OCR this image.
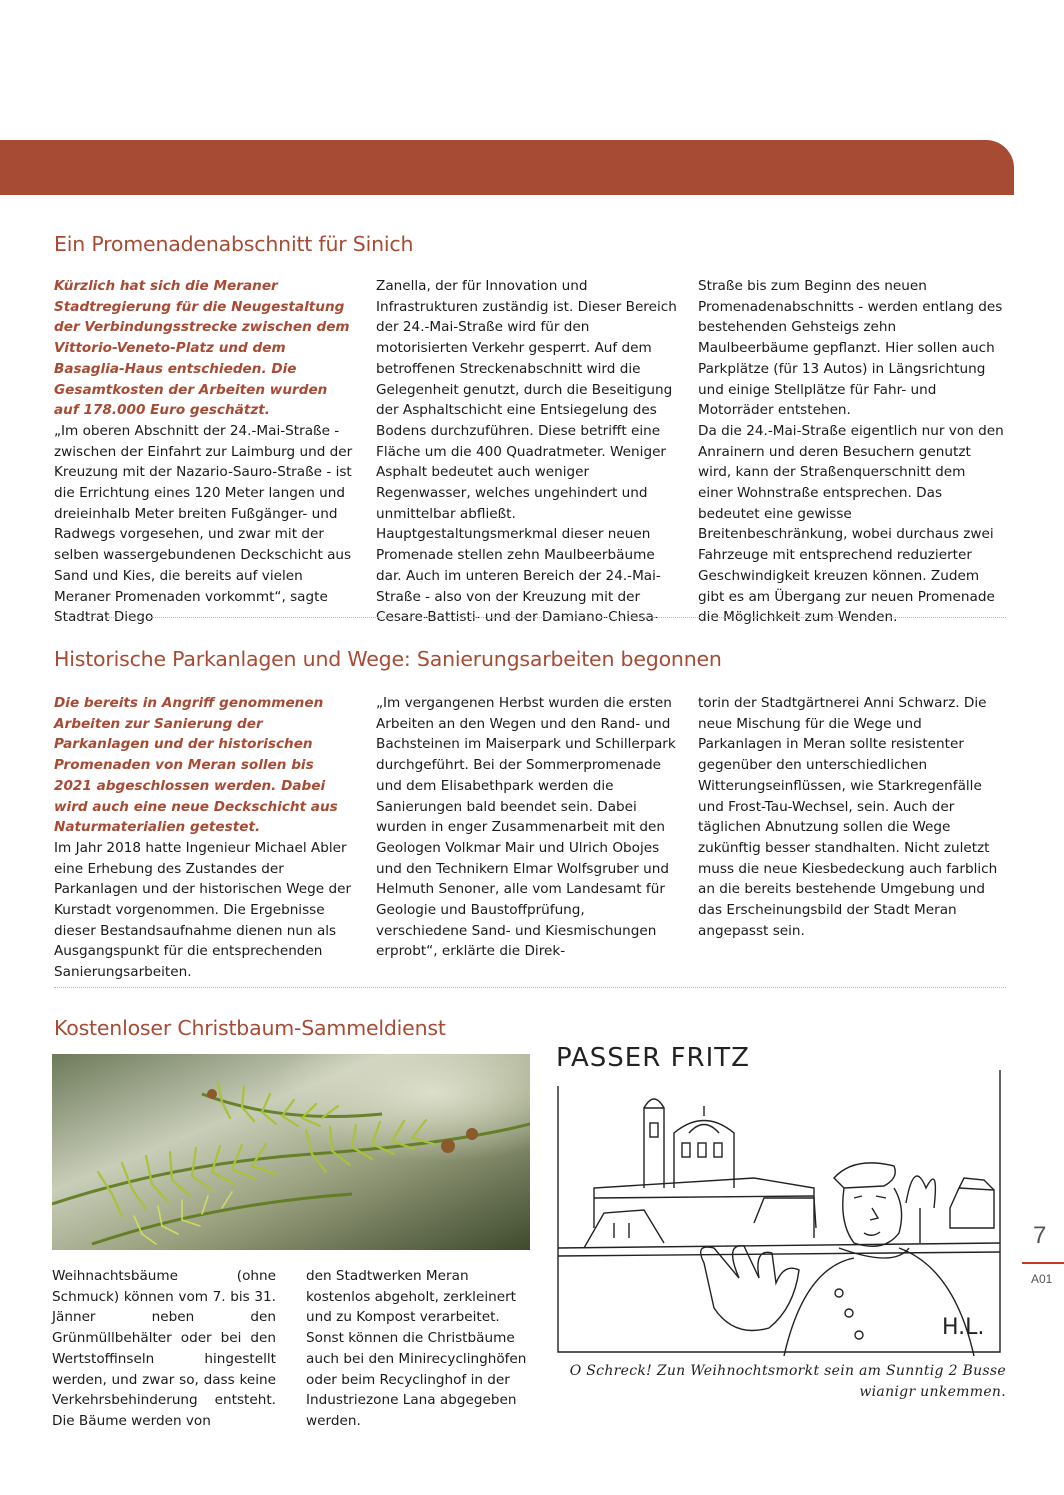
Ein Promenadenabschnitt für Sinich

Kürzlich hat sich die Meraner Stadtregierung für die Neugestaltung der Verbindungsstrecke zwischen dem Vittorio-Veneto-Platz und dem Basaglia-Haus entschieden. Die Gesamtkosten der Arbeiten wurden auf 178.000 Euro geschätzt.

„Im oberen Abschnitt der 24.-Mai-Straße - zwischen der Einfahrt zur Laimburg und der Kreuzung mit der Nazario-Sauro-Straße - ist die Errichtung eines 120 Meter langen und dreieinhalb Meter breiten Fußgänger- und Radwegs vorgesehen, und zwar mit der selben wassergebundenen Deckschicht aus Sand und Kies, die bereits auf vielen Meraner Promenaden vorkommt“, sagte Stadtrat Diego

Zanella, der für Innovation und Infrastrukturen zuständig ist. Dieser Bereich der 24.-Mai-Straße wird für den motorisierten Verkehr gesperrt. Auf dem betroffenen Streckenabschnitt wird die Gelegenheit genutzt, durch die Beseitigung der Asphaltschicht eine Entsiegelung des Bodens durchzuführen. Diese betrifft eine Fläche um die 400 Quadratmeter. Weniger Asphalt bedeutet auch weniger Regenwasser, welches ungehindert und unmittelbar abfließt. Hauptgestaltungsmerkmal dieser neuen Promenade stellen zehn Maulbeerbäume dar. Auch im unteren Bereich der 24.-Mai-Straße - also von der Kreuzung mit der Cesare-Battisti- und der Damiano-Chiesa-

Straße bis zum Beginn des neuen Promenadenabschnitts - werden entlang des bestehenden Gehsteigs zehn Maulbeerbäume gepflanzt. Hier sollen auch Parkplätze (für 13 Autos) in Längsrichtung und einige Stellplätze für Fahr- und Motorräder entstehen.

Da die 24.-Mai-Straße eigentlich nur von den Anrainern und deren Besuchern genutzt wird, kann der Straßenquerschnitt dem einer Wohnstraße entsprechen. Das bedeutet eine gewisse Breitenbeschränkung, wobei durchaus zwei Fahrzeuge mit entsprechend reduzierter Geschwindigkeit kreuzen können. Zudem gibt es am Übergang zur neuen Promenade die Möglichkeit zum Wenden.

Historische Parkanlagen und Wege: Sanierungsarbeiten begonnen

Die bereits in Angriff genommenen Arbeiten zur Sanierung der Parkanlagen und der historischen Promenaden von Meran sollen bis 2021 abgeschlossen werden. Dabei wird auch eine neue Deckschicht aus Naturmaterialien getestet.

Im Jahr 2018 hatte Ingenieur Michael Abler eine Erhebung des Zustandes der Parkanlagen und der historischen Wege der Kurstadt vorgenommen. Die Ergebnisse dieser Bestandsaufnahme dienen nun als Ausgangspunkt für die entsprechenden Sanierungsarbeiten.

„Im vergangenen Herbst wurden die ersten Arbeiten an den Wegen und den Rand- und Bachsteinen im Maiserpark und Schillerpark durchgeführt. Bei der Sommerpromenade und dem Elisabethpark werden die Sanierungen bald beendet sein. Dabei wurden in enger Zusammenarbeit mit den Geologen Volkmar Mair und Ulrich Obojes und den Technikern Elmar Wolfsgruber und Helmuth Senoner, alle vom Landesamt für Geologie und Baustoffprüfung, verschiedene Sand- und Kiesmischungen erprobt“, erklärte die Direk-

torin der Stadtgärtnerei Anni Schwarz. Die neue Mischung für die Wege und Parkanlagen in Meran sollte resistenter gegenüber den unterschiedlichen Witterungseinflüssen, wie Starkregenfälle und Frost-Tau-Wechsel, sein. Auch der täglichen Abnutzung sollen die Wege zukünftig besser standhalten. Nicht zuletzt muss die neue Kiesbedeckung auch farblich an die bereits bestehende Umgebung und das Erscheinungsbild der Stadt Meran angepasst sein.

Kostenloser Christbaum-Sammeldienst
Weihnachtsbäume (ohne Schmuck) können vom 7. bis 31. Jänner neben den Grünmüllbehälter oder bei den Wertstoffinseln hingestellt werden, und zwar so, dass keine Verkehrsbehinderung entsteht. Die Bäume werden von
den Stadtwerken Meran kostenlos abgeholt, zerkleinert und zu Kompost verarbeitet. Sonst können die Christbäume auch bei den Minirecyclinghöfen oder beim Recyclinghof in der Industriezone Lana abgegeben werden.
PASSER FRITZ
H.L.
O Schreck! Zun Weihnochtsmorkt sein am Sunntig 2 Busse wianigr unkemmen.
7
A01
